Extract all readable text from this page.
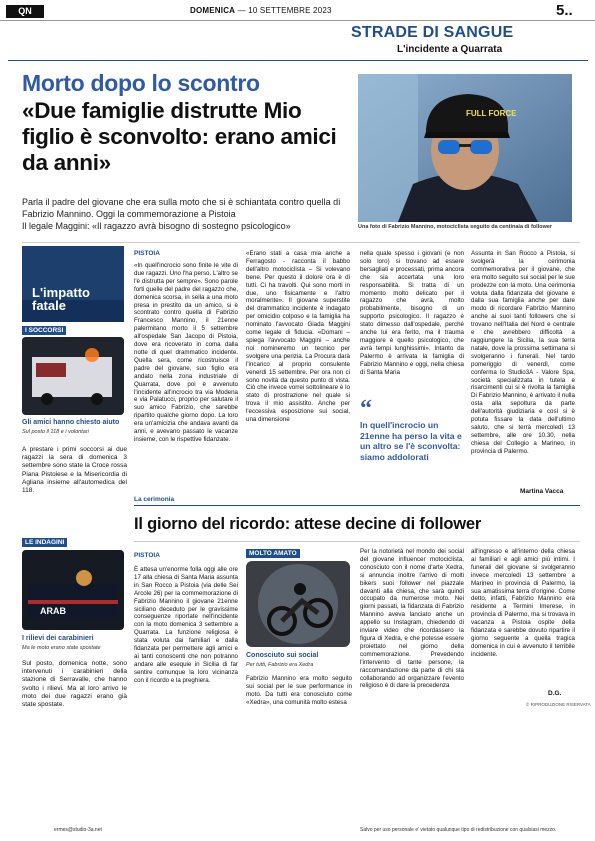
QN	DOMENICA — 10 SETTEMBRE 2023	5..
STRADE DI SANGUE
L'incidente a Quarrata
Morto dopo lo scontro
«Due famiglie distrutte Mio figlio è sconvolto: erano amici da anni»
Parla il padre del giovane che era sulla moto che si è schiantata contro quella di Fabrizio Mannino. Oggi la commemorazione a Pistoia
Il legale Maggini: «Il ragazzo avrà bisogno di sostegno psicologico»
FULL FORCE
Una foto di Fabrizio Mannino, motociclista seguito da centinaia di follower
L'impatto fatale
I SOCCORSI
Gli amici hanno chiesto aiuto
Sul posto il 118 e i volontari
A prestare i primi soccorsi ai due ragazzi la sera di domenica 3 settembre sono state la Croce rossa Piana Pistoiese e la Misericordia di Agliana insieme all'automedica del 118.
LE INDAGINI
ARAB
I rilievi dei carabinieri
Ma le moto erano state spostate
Sul posto, domenica notte, sono intervenuti i carabinieri della stazione di Serravalle, che hanno svolto i rilievi. Ma al loro arrivo le moto dei due ragazzi erano già state spostate.
PISTOIA
«In quell'incrocio sono finite le vite di due ragazzi. Uno l'ha perso. L'altro se l'è distrutta per sempre». Sono parole forti quelle del padre del ragazzo che, domenica scorsa, in sella a una moto presa in prestito da un amico, si è scontrato contro quella di Fabrizio Francesco Mannino, il 21enne palermitano morto il 5 settembre all'ospedale San Jacopo di Pistoia, dove era ricoverato in coma dalla notte di quel drammatico incidente. Quella sera, come ricostruisce il padre del giovane, suo figlio era andato nella zona industriale di Quarrata, dove poi è avvenuto l'incidente all'incrocio tra via Modena e via Palatucci, proprio per salutare il suo amico Fabrizio, che sarebbe ripartito qualche giorno dopo. La loro era un'amicizia che andava avanti da anni, e avevano passato le vacanze insieme, con le rispettive fidanzate.
«Erano stati a casa mia anche a Ferragosto - racconta il babbo dell'altro motociclista – Si volevano bene. Per questo il dolore ora è di tutti. Ci ha travolti. Qui sono morti in due, uno fisicamente e l'altro moralmente». Il giovane superstite del drammatico incidente è indagato per omicidio colposo e la famiglia ha nominato l'avvocato Giada Maggini come legale di fiducia. «Domani – spiega l'avvocato Maggini – anche noi nomineremo un tecnico per svolgere una perizia. La Procura darà l'incarico al proprio consulente venerdì 15 settembre. Per ora non ci sono novità da questo punto di vista. Ciò che invece vorrei sottolineare è lo stato di prostrazione nel quale si trova il mio assistito. Anche per l'eccessiva esposizione sui social, una dimensione
nella quale spesso i giovani (e non solo loro) si trovano ad essere bersagliati e processati, prima ancora che sia accertata una loro responsabilità. Si tratta di un momento molto delicato per il ragazzo che avrà, molto probabilmente, bisogno di un supporto psicologico. Il ragazzo è stato dimesso dall'ospedale, perché anche lui era ferito, ma il trauma maggiore è quello psicologico, che avrà tempi lunghissimi». Intanto da Palermo è arrivata la famiglia di Fabrizio Mannino e oggi, nella chiesa di Santa Maria
“
In quell'incrocio un 21enne ha perso la vita e un altro se l'è sconvolta: siamo addolorati
Assunta in San Rocco a Pistoia, si svolgerà la cerimonia commemorativa per il giovane, che era molto seguito sui social per le sue prodezze con la moto. Una cerimonia voluta dalla fidanzata del giovane e dalla sua famiglia anche per dare modo di ricordare Fabrizio Mannino anche ai suoi tanti followers che si trovano nell'Italia del Nord e centrale e che avrebbero difficoltà a raggiungere la Sicilia, la sua terra natale, dove la prossima settimana si svolgeranno i funerali. Nel tardo pomeriggio di venerdì, come conferma lo Studio3A - Valore Spa, società specializzata in tutela e risarcimenti cui si è rivolta la famiglia Di Fabrizio Mannino, è arrivato il nulla osta alla sepoltura da parte dell'autorità giudiziaria e così si è potuta fissare la data dell'ultimo saluto, che si terrà mercoledì 13 settembre, alle ore 10.30, nella chiesa del Collegio a Marineo, in provincia di Palermo.
Martina Vacca
La cerimonia
Il giorno del ricordo: attese decine di follower
PISTOIA
È attesa un'enorme folla oggi alle ore 17 alla chiesa di Santa Maria assunta in San Rocco a Pistoia (via delle Sei Arcole 26) per la commemorazione di Fabrizio Mannino il giovane 21enne siciliano deceduto per le gravissime conseguenze riportate nell'incidente con la moto domenica 3 settembre a Quarrata. La funzione religiosa è stata voluta dai familiari e dalla fidanzata per permettere agli amici e ai tanti conoscenti che non potranno andare alle esequie in Sicilia di far sentire comunque la loro vicinanza con il ricordo e la preghiera.
MOLTO AMATO
Conosciuto sui social
Per tutti, Fabrizio era Xedra
Fabrizio Mannino era molto seguito sui social per le sue performance in moto. Da tutti era conosciuto come «Xedra», una comunità molto estesa
Per la notorietà nel mondo dei social del giovane influencer motociclista, conosciuto con il nome d'arte Xedra, si annuncia inoltre l'arrivo di molti bikers suoi follower nel piazzale davanti alla chiesa, che sarà quindi occupato da numerose moto. Nei giorni passati, la fidanzata di Fabrizio Mannino aveva lanciato anche un appello su Instagram, chiedendo di inviare video che ricordassero la figura di Xedra, e che potesse essere proiettato nel giorno della commemorazione. Prevedendo l'intervento di tante persone, la raccomandazione da parte di chi sta collaborando ad organizzare l'evento religioso è di dare la precedenza
all'ingresso e all'interno della chiesa ai familiari e agli amici più intimi. I funerali del giovane si svolgeranno invece mercoledì 13 settembre a Marineo in provincia di Palermo, la sua amatissima terra d'origine. Come detto, infatti, Fabrizio Mannino era residente a Termini Imerese, in provincia di Palermo, ma si trovava in vacanza a Pistoia ospite della fidanzata e sarebbe dovuto ripartire il giorno seguente a quella tragica domenica in cui è avvenuto il terribile incidente.
D.G.
© RIPRODUZIONE RISERVATA
ermes@studio-3a.net	Salvo per uso personale e' vietato qualunque tipo di redistribuzione con qualsiasi mezzo.
